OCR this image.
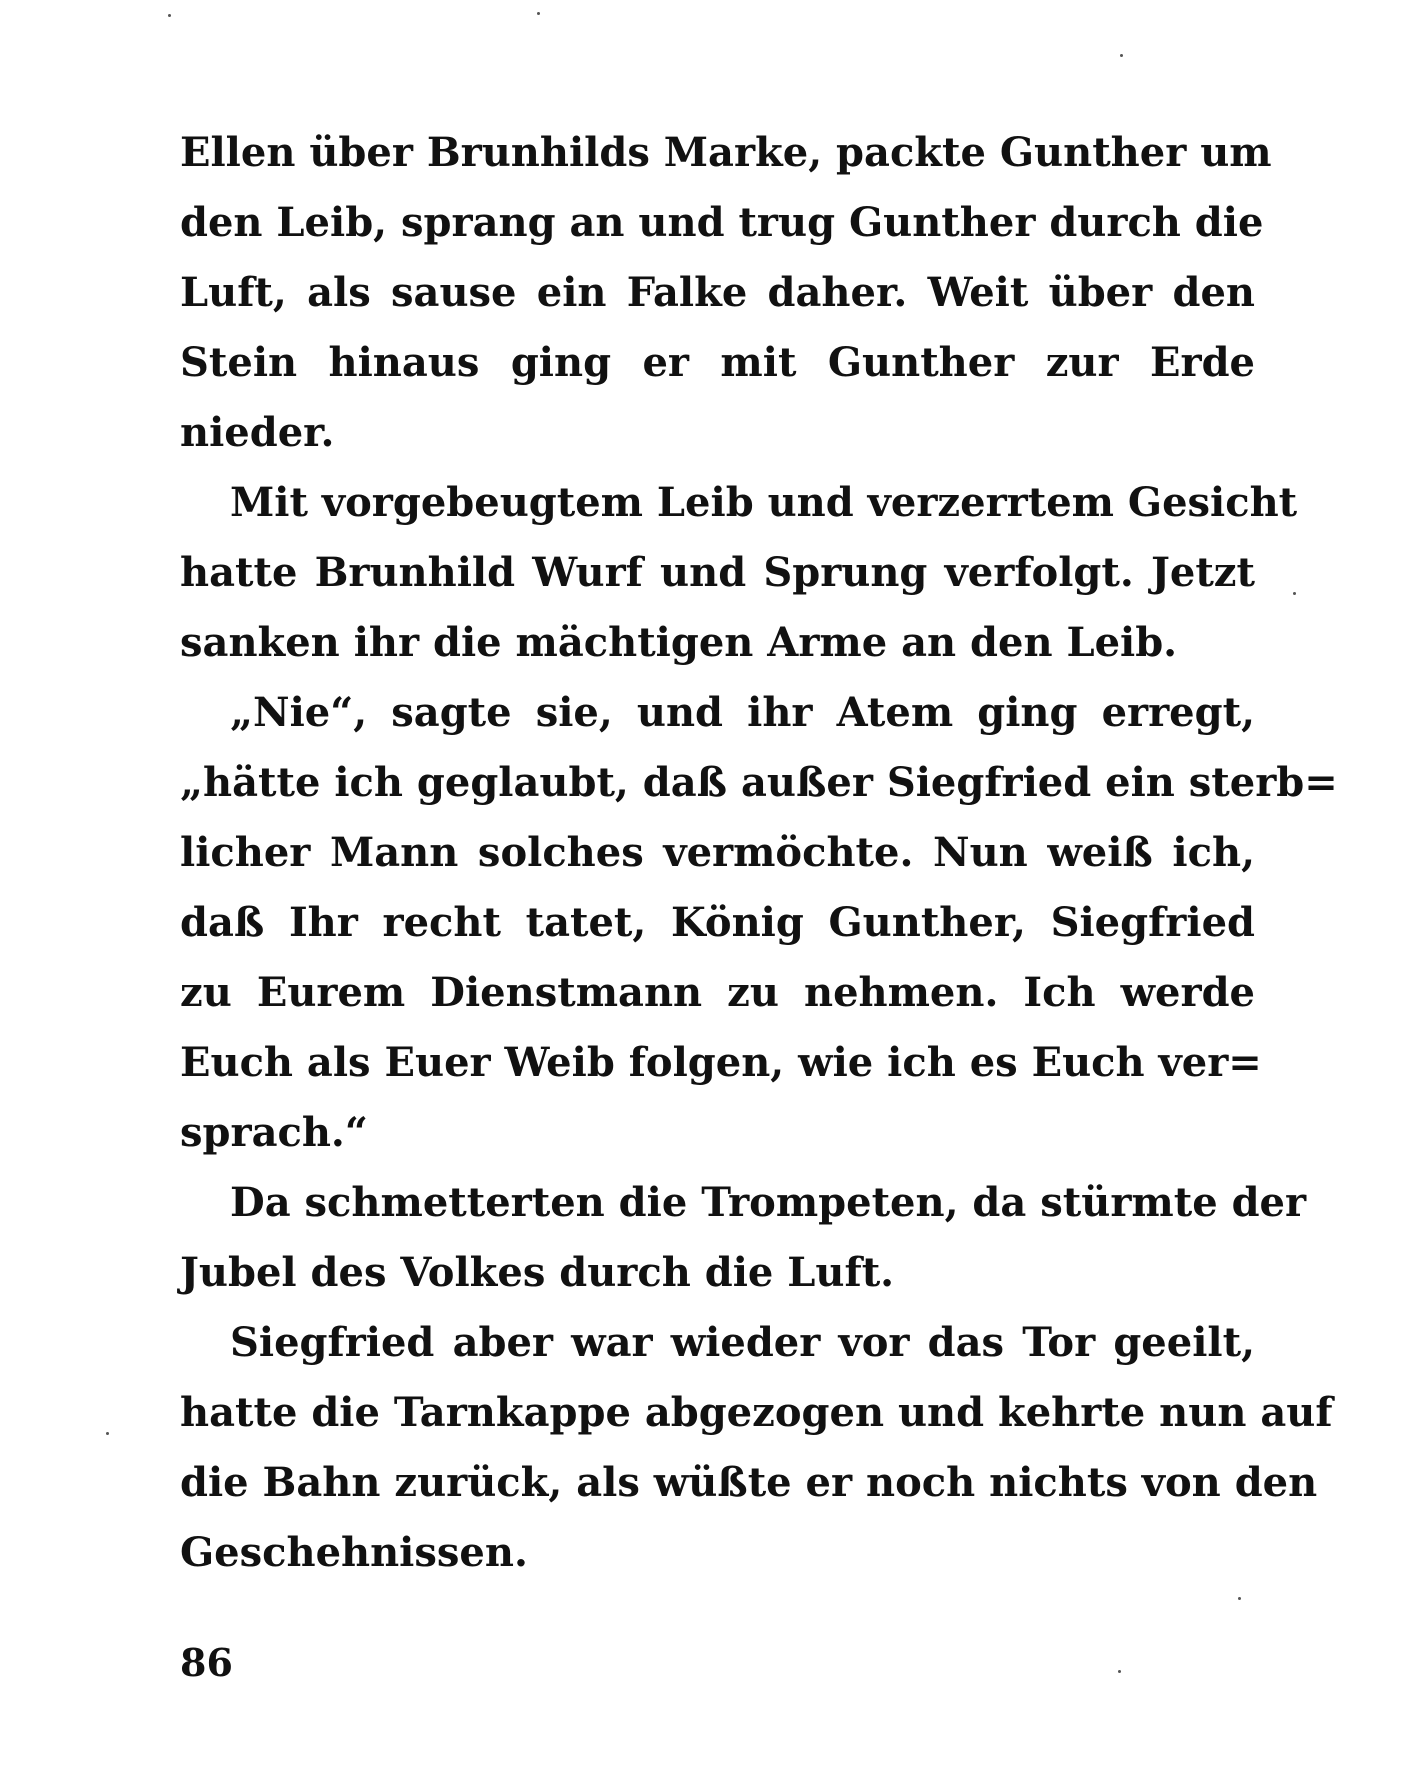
Ellen über Brunhilds Marke, packte Gunther um
den Leib, sprang an und trug Gunther durch die
Luft, als sause ein Falke daher. Weit über den
Stein hinaus ging er mit Gunther zur Erde
nieder.
Mit vorgebeugtem Leib und verzerrtem Gesicht
hatte Brunhild Wurf und Sprung verfolgt. Jetzt
sanken ihr die mächtigen Arme an den Leib.
„Nie“, sagte sie, und ihr Atem ging erregt,
„hätte ich geglaubt, daß außer Siegfried ein sterb=
licher Mann solches vermöchte. Nun weiß ich,
daß Ihr recht tatet, König Gunther, Siegfried
zu Eurem Dienstmann zu nehmen. Ich werde
Euch als Euer Weib folgen, wie ich es Euch ver=
sprach.“
Da schmetterten die Trompeten, da stürmte der
Jubel des Volkes durch die Luft.
Siegfried aber war wieder vor das Tor geeilt,
hatte die Tarnkappe abgezogen und kehrte nun auf
die Bahn zurück, als wüßte er noch nichts von den
Geschehnissen.
86
